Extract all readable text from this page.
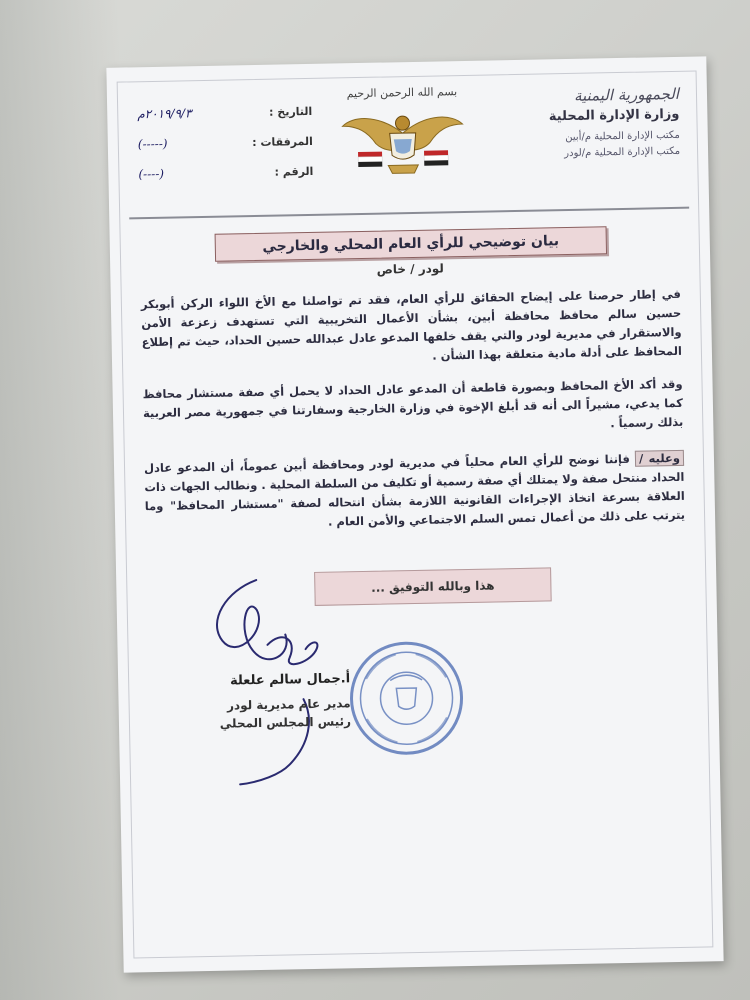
الجمهورية اليمنية
وزارة الإدارة المحلية
مكتب الإدارة المحلية م/أبين
مكتب الإدارة المحلية م/لودر
بسم الله الرحمن الرحيم
التاريخ :
٢٠١٩/٩/٣م
المرفقات :
(-----)
الرقم :
(----)
بيان توضيحي للرأي العام المحلي والخارجي
لودر / خاص
في إطار حرصنا على إيضاح الحقائق للرأي العام، فقد تم تواصلنا مع الأخ اللواء الركن أبوبكر حسين سالم محافظ محافظة أبين، بشأن الأعمال التخريبية التي تستهدف زعزعة الأمن والاستقرار في مديرية لودر والتي يقف خلفها المدعو عادل عبدالله حسين الحداد، حيث تم إطلاع المحافظ على أدلة مادية متعلقة بهذا الشأن .
وقد أكد الأخ المحافظ وبصورة قاطعة أن المدعو عادل الحداد لا يحمل أي صفة مستشار محافظ كما يدعي، مشيراً الى أنه قد أبلغ الإخوة في وزارة الخارجية وسفارتنا في جمهورية مصر العربية بذلك رسمياً .
وعليه / فإننا نوضح للرأي العام محلياً في مديرية لودر ومحافظة أبين عموماً، أن المدعو عادل الحداد منتحل صفة ولا يمتلك أي صفة رسمية أو تكليف من السلطة المحلية . ونطالب الجهات ذات العلاقة بسرعة اتخاذ الإجراءات القانونية اللازمة بشأن انتحاله لصفة "مستشار المحافظ" وما يترتب على ذلك من أعمال تمس السلم الاجتماعي والأمن العام .
هذا وبالله التوفيق ...
أ.جمال سالم علعلة
مدير عام مديرية لودر
رئيس المجلس المحلي
